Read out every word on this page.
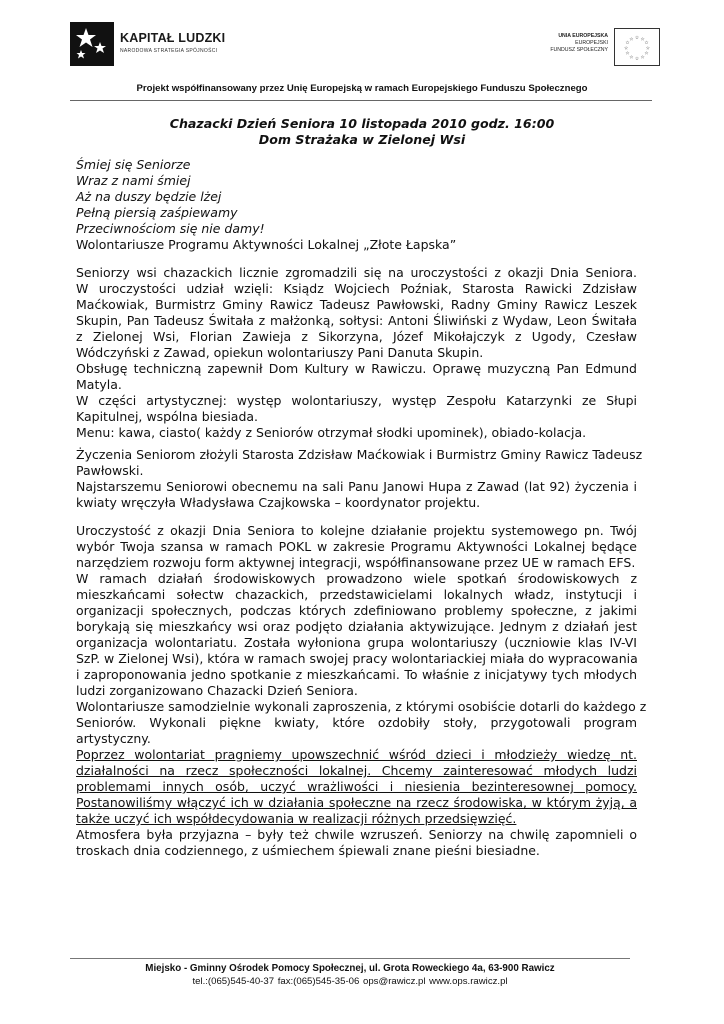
KAPITAŁ LUDZKI
NARODOWA STRATEGIA SPÓJNOŚCI
UNIA EUROPEJSKA
EUROPEJSKI
FUNDUSZ SPOŁECZNY
☆ ☆
☆
☆
☆
☆
☆
☆
☆
☆
☆
☆
Projekt współfinansowany przez Unię Europejską w ramach Europejskiego Funduszu Społecznego
Chazacki Dzień Seniora 10 listopada 2010 godz. 16:00
Dom Strażaka w Zielonej Wsi
Śmiej się Seniorze
Wraz z nami śmiej
Aż na duszy będzie lżej
Pełną piersią zaśpiewamy
Przeciwnościom się nie damy!
Wolontariusze Programu Aktywności Lokalnej „Złote Łapska”
Seniorzy wsi chazackich licznie zgromadzili się na uroczystości z okazji Dnia Seniora.
W uroczystości udział wzięli: Ksiądz Wojciech Poźniak, Starosta Rawicki Zdzisław
Maćkowiak, Burmistrz Gminy Rawicz Tadeusz Pawłowski, Radny Gminy Rawicz Leszek
Skupin, Pan Tadeusz Świtała z małżonką, sołtysi: Antoni Śliwiński z Wydaw, Leon Świtała
z Zielonej Wsi, Florian Zawieja z Sikorzyna, Józef Mikołajczyk z Ugody, Czesław
Wódczyński z Zawad, opiekun wolontariuszy Pani Danuta Skupin.
Obsługę techniczną zapewnił Dom Kultury w Rawiczu. Oprawę muzyczną Pan Edmund
Matyla.
W części artystycznej: występ wolontariuszy, występ Zespołu Katarzynki ze Słupi
Kapitulnej, wspólna biesiada.
Menu: kawa, ciasto( każdy z Seniorów otrzymał słodki upominek), obiado-kolacja.
Życzenia Seniorom złożyli Starosta Zdzisław Maćkowiak i Burmistrz Gminy Rawicz Tadeusz
Pawłowski.
Najstarszemu Seniorowi obecnemu na sali Panu Janowi Hupa z Zawad (lat 92) życzenia i
kwiaty wręczyła Władysława Czajkowska – koordynator projektu.
Uroczystość z okazji Dnia Seniora to kolejne działanie projektu systemowego pn. Twój
wybór Twoja szansa w ramach POKL w zakresie Programu Aktywności Lokalnej będące
narzędziem rozwoju form aktywnej integracji, współfinansowane przez UE w ramach EFS.
W ramach działań środowiskowych prowadzono wiele spotkań środowiskowych z
mieszkańcami sołectw chazackich, przedstawicielami lokalnych władz, instytucji i
organizacji społecznych, podczas których zdefiniowano problemy społeczne, z jakimi
borykają się mieszkańcy wsi oraz podjęto działania aktywizujące. Jednym z działań jest
organizacja wolontariatu. Została wyłoniona grupa wolontariuszy (uczniowie klas IV-VI
SzP. w Zielonej Wsi), która w ramach swojej pracy wolontariackiej miała do wypracowania
i zaproponowania jedno spotkanie z mieszkańcami. To właśnie z inicjatywy tych młodych
ludzi zorganizowano Chazacki Dzień Seniora.
Wolontariusze samodzielnie wykonali zaproszenia, z którymi osobiście dotarli do każdego z
Seniorów. Wykonali piękne kwiaty, które ozdobiły stoły, przygotowali program
artystyczny.
Poprzez wolontariat pragniemy upowszechnić wśród dzieci i młodzieży wiedzę nt.
działalności na rzecz społeczności lokalnej. Chcemy zainteresować młodych ludzi
problemami innych osób, uczyć wrażliwości i niesienia bezinteresownej pomocy.
Postanowiliśmy włączyć ich w działania społeczne na rzecz środowiska, w którym żyją, a
także uczyć ich współdecydowania w realizacji różnych przedsięwzięć.
Atmosfera była przyjazna – były też chwile wzruszeń. Seniorzy na chwilę zapomnieli o
troskach dnia codziennego, z uśmiechem śpiewali znane pieśni biesiadne.
Miejsko - Gminny Ośrodek Pomocy Społecznej, ul. Grota Roweckiego 4a, 63-900 Rawicz
tel.:(065)545-40-37 fax:(065)545-35-06 ops@rawicz.pl www.ops.rawicz.pl
